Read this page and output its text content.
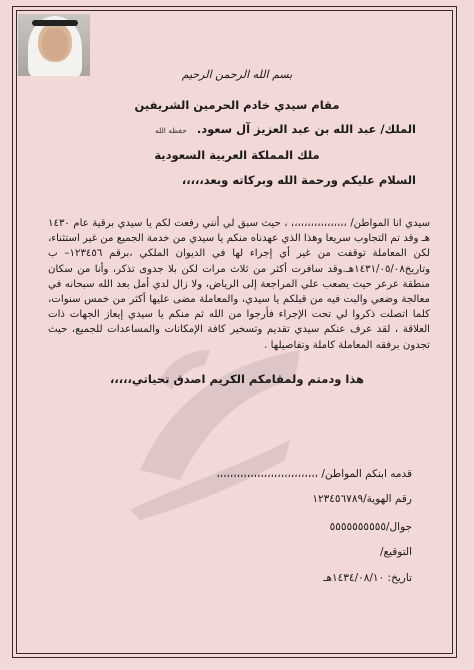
بسم الله الرحمن الرحيم
مقام سيدي خادم الحرمين الشريفين
الملك/ عبد الله بن عبد العزيز آل سعود. حفظه الله
ملك المملكة العربية السعودية
السلام عليكم ورحمة الله وبركاته وبعد،،،،،
سيدي انا المواطن/ ،،،،،،،،،،،،،،،،، ، حيث سبق لي أنني رفعت لكم يا سيدي برقية عام ١٤٣٠ هـ وقد تم التجاوب سريعا وهذا الذي عهدناه منكم يا سيدي من خدمة الجميع من غير استثناء، لكن المعاملة توقفت من غير أي إجراء لها في الديوان الملكي ،برقم ١٢٣٤٥٦– ب وتاريخ١٤٣١/٠٥/٠٨هـ.وقد سافرت أكثر من ثلاث مرات لكن بلا جدوى تذكر، وأنا من سكان منطقة عرعر حيث يصعب علي المراجعة إلى الرياض، ولا زال لدي أمل بعد الله سبحانه في معالجة وضعي والبت فيه من قبلكم يا سيدي، والمعاملة مضى عليها أكثر من خمس سنوات، كلما اتصلت ذكروا لي تحت الإجراء فأرجوا من الله ثم منكم يا سيدي إيعاز الجهات ذات العلاقة ، لقد عرف عنكم سيدي تقديم وتسخير كافة الإمكانات والمساعدات للجميع، حيث تجدون برفقه المعاملة كاملة وتفاصيلها .
هذا ودمتم ولمقامكم الكريم اصدق تحياتي،،،،،
قدمه ابنكم المواطن/ ،،،،،،،،،،،،،،،،،،،،،،،،،،،،،،
رقم الهوية/١٢٣٤٥٦٧٨٩
جوال/٥٥٥٥٥٥٥٥٥٥
التوقيع/
تاريخ: ١٤٣٤/٠٨/١٠هـ
